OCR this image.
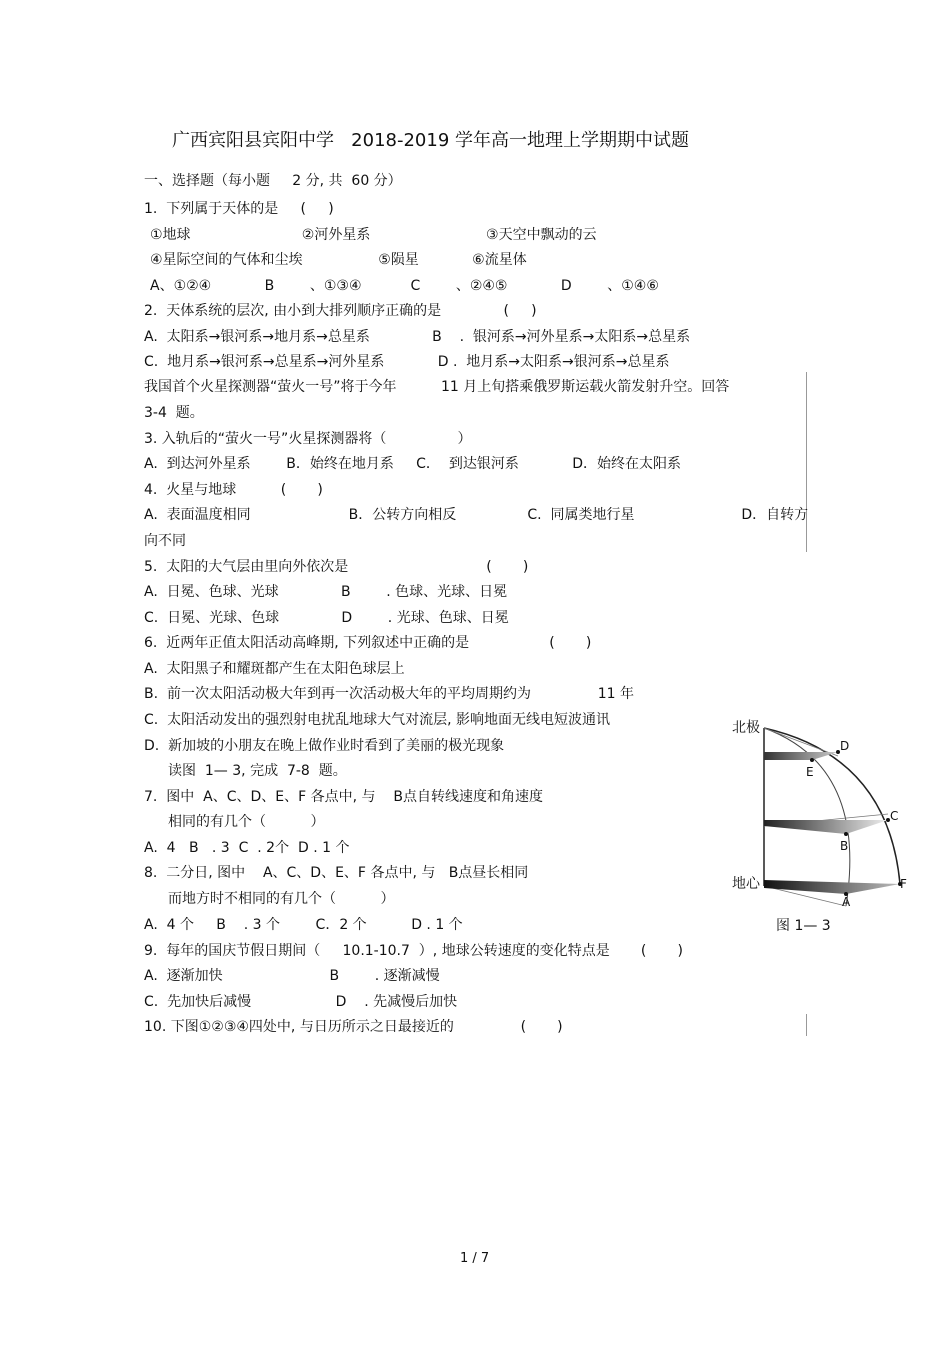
广西宾阳县宾阳中学   2018-2019 学年高一地理上学期期中试题
一、选择题（每小题     2 分, 共  60 分）
1.  下列属于天体的是     (     )
①地球                         ②河外星系                          ③天空中飘动的云
④星际空间的气体和尘埃                 ⑤陨星            ⑥流星体
A、①②④            B        、①③④           C        、②④⑤            D        、①④⑥
2.  天体系统的层次, 由小到大排列顺序正确的是              (     )
A.  太阳系→银河系→地月系→总星系              B    .  银河系→河外星系→太阳系→总星系
C.  地月系→银河系→总星系→河外星系            D .  地月系→太阳系→银河系→总星系
我国首个火星探测器“萤火一号”将于今年          11 月上旬搭乘俄罗斯运载火箭发射升空。回答
3-4  题。
3. 入轨后的“萤火一号”火星探测器将（                ）
A.  到达河外星系        B．始终在地月系     C．  到达银河系            D．始终在太阳系
4.  火星与地球          (       )
A.  表面温度相同                      B．公转方向相反                C.  同属类地行星                        D．自转方
向不同
5.  太阳的大气层由里向外依次是                               (       )
A.  日冕、色球、光球              B        . 色球、光球、日冕
C.  日冕、光球、色球              D        . 光球、色球、日冕
6.  近两年正值太阳活动高峰期, 下列叙述中正确的是                  (       )
A.  太阳黑子和耀斑都产生在太阳色球层上
B.  前一次太阳活动极大年到再一次活动极大年的平均周期约为               11 年
C.  太阳活动发出的强烈射电扰乱地球大气对流层, 影响地面无线电短波通讯
D.  新加坡的小朋友在晚上做作业时看到了美丽的极光现象
读图  1— 3, 完成  7-8  题。
7.  图中  A、C、D、E、F 各点中, 与    B点自转线速度和角速度
相同的有几个（          ）
A.  4   B   . 3  C  . 2个  D . 1 个
8.  二分日, 图中    A、C、D、E、F 各点中, 与   B点昼长相同
而地方时不相同的有几个（          ）
A.  4 个     B    . 3 个        C．2 个          D . 1 个
9.  每年的国庆节假日期间（     10.1-10.7  ）, 地球公转速度的变化特点是       (       )
A.  逐渐加快                        B        . 逐渐减慢
C.  先加快后减慢                   D    . 先减慢后加快
10. 下图①②③④四处中, 与日历所示之日最接近的               (       )
北极
地心
D
E
C
B
F
A
图 1— 3
1 / 7
